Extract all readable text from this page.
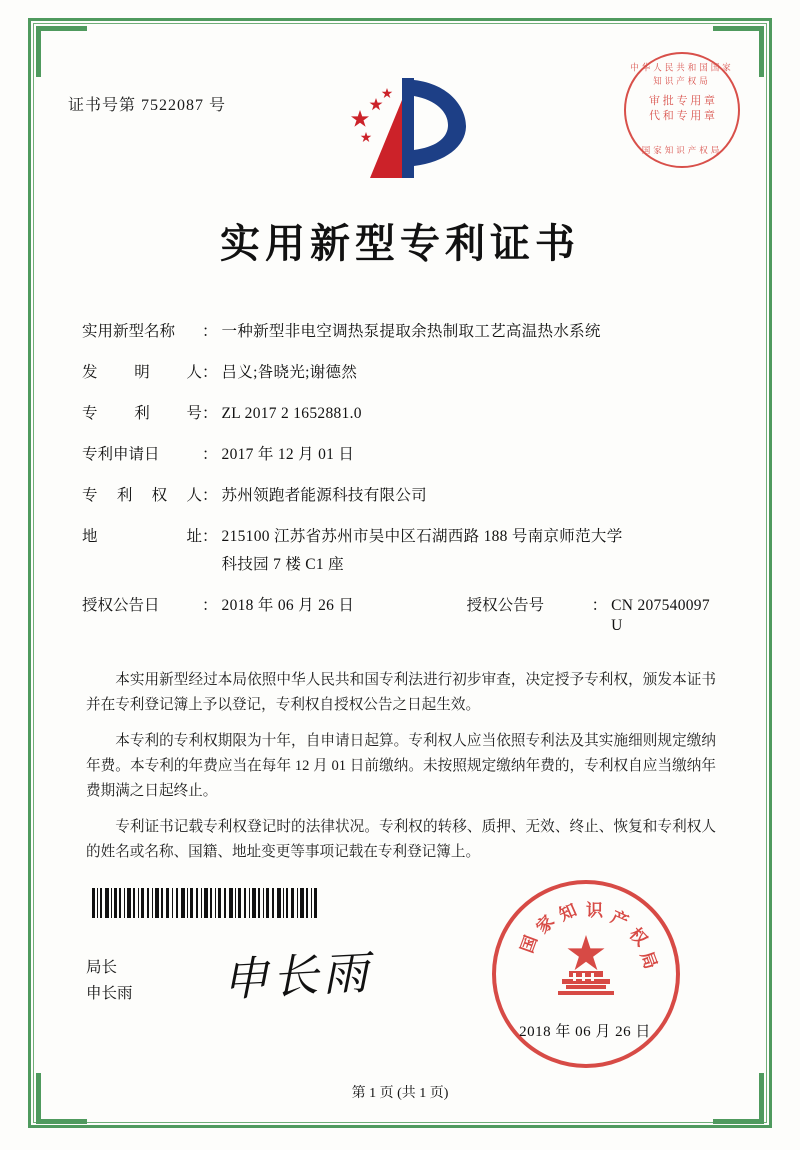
证书号第 7522087 号
中华人民共和国国家知识产权局
审 批 专 用 章
代 和 专 用 章
国家知识产权局
实用新型专利证书
实用新型名称	： 一种新型非电空调热泵提取余热制取工艺高温热水系统
发 明 人 ： 吕义;昝晓光;谢德然
专 利 号 ： ZL 2017 2 1652881.0
专利申请日	： 2017 年 12 月 01 日
专 利 权 人 ： 苏州领跑者能源科技有限公司
地	址 ： 215100 江苏省苏州市吴中区石湖西路 188 号南京师范大学
科技园 7 楼 C1 座
授权公告日	： 2018 年 06 月 26 日	授权公告号	： CN 207540097 U

本实用新型经过本局依照中华人民共和国专利法进行初步审查，决定授予专利权，颁发本证书并在专利登记簿上予以登记，专利权自授权公告之日起生效。

本专利的专利权期限为十年，自申请日起算。专利权人应当依照专利法及其实施细则规定缴纳年费。本专利的年费应当在每年 12 月 01 日前缴纳。未按照规定缴纳年费的，专利权自应当缴纳年费期满之日起终止。

专利证书记载专利权登记时的法律状况。专利权的转移、质押、无效、终止、恢复和专利权人的姓名或名称、国籍、地址变更等事项记载在专利登记簿上。

国
家
知 识 产
权
局
2018 年 06 月 26 日
局长
申长雨 申长雨
第 1 页 (共 1 页)
